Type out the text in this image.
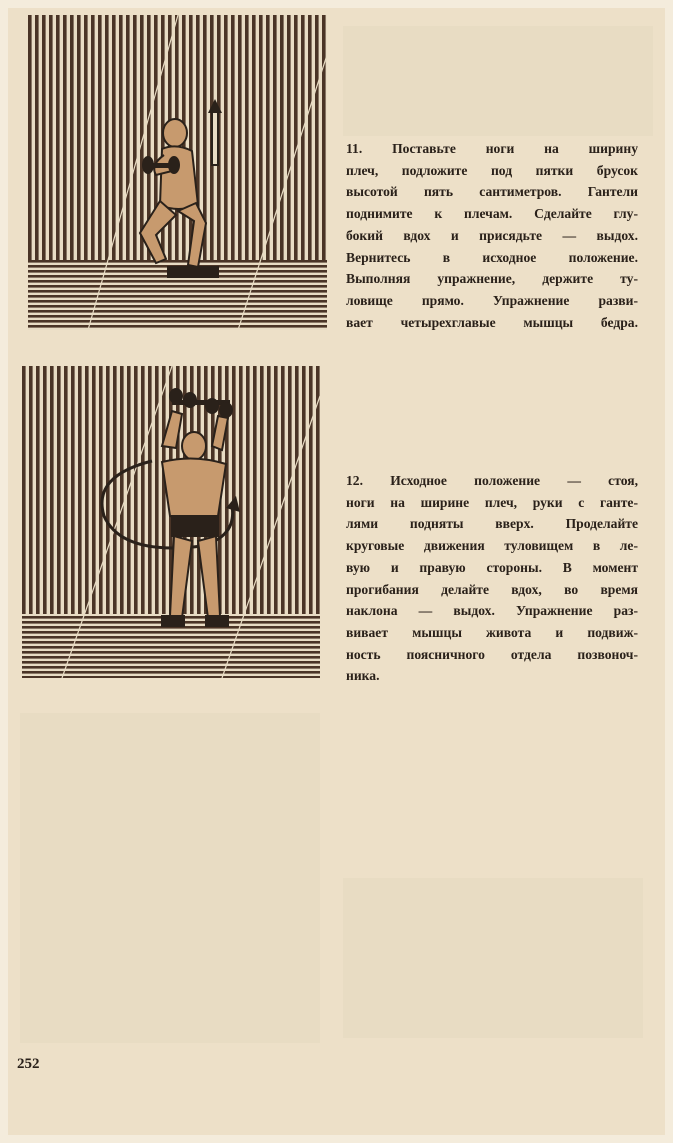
11. Поставьте ноги на ширину

плеч, подложите под пятки брусок

высотой пять сантиметров. Гантели

поднимите к плечам. Сделайте глу-

бокий вдох и присядьте — выдох.

Вернитесь в исходное положение.

Выполняя упражнение, держите ту-

ловище прямо. Упражнение разви-

вает четырехглавые мышцы бедра.

12. Исходное положение — стоя,

ноги на ширине плеч, руки с ганте-

лями подняты вверх. Проделайте

круговые движения туловищем в ле-

вую и правую стороны. В момент

прогибания делайте вдох, во время

наклона — выдох. Упражнение раз-

вивает мышцы живота и подвиж-

ность поясничного отдела позвоноч-

ника.

252
